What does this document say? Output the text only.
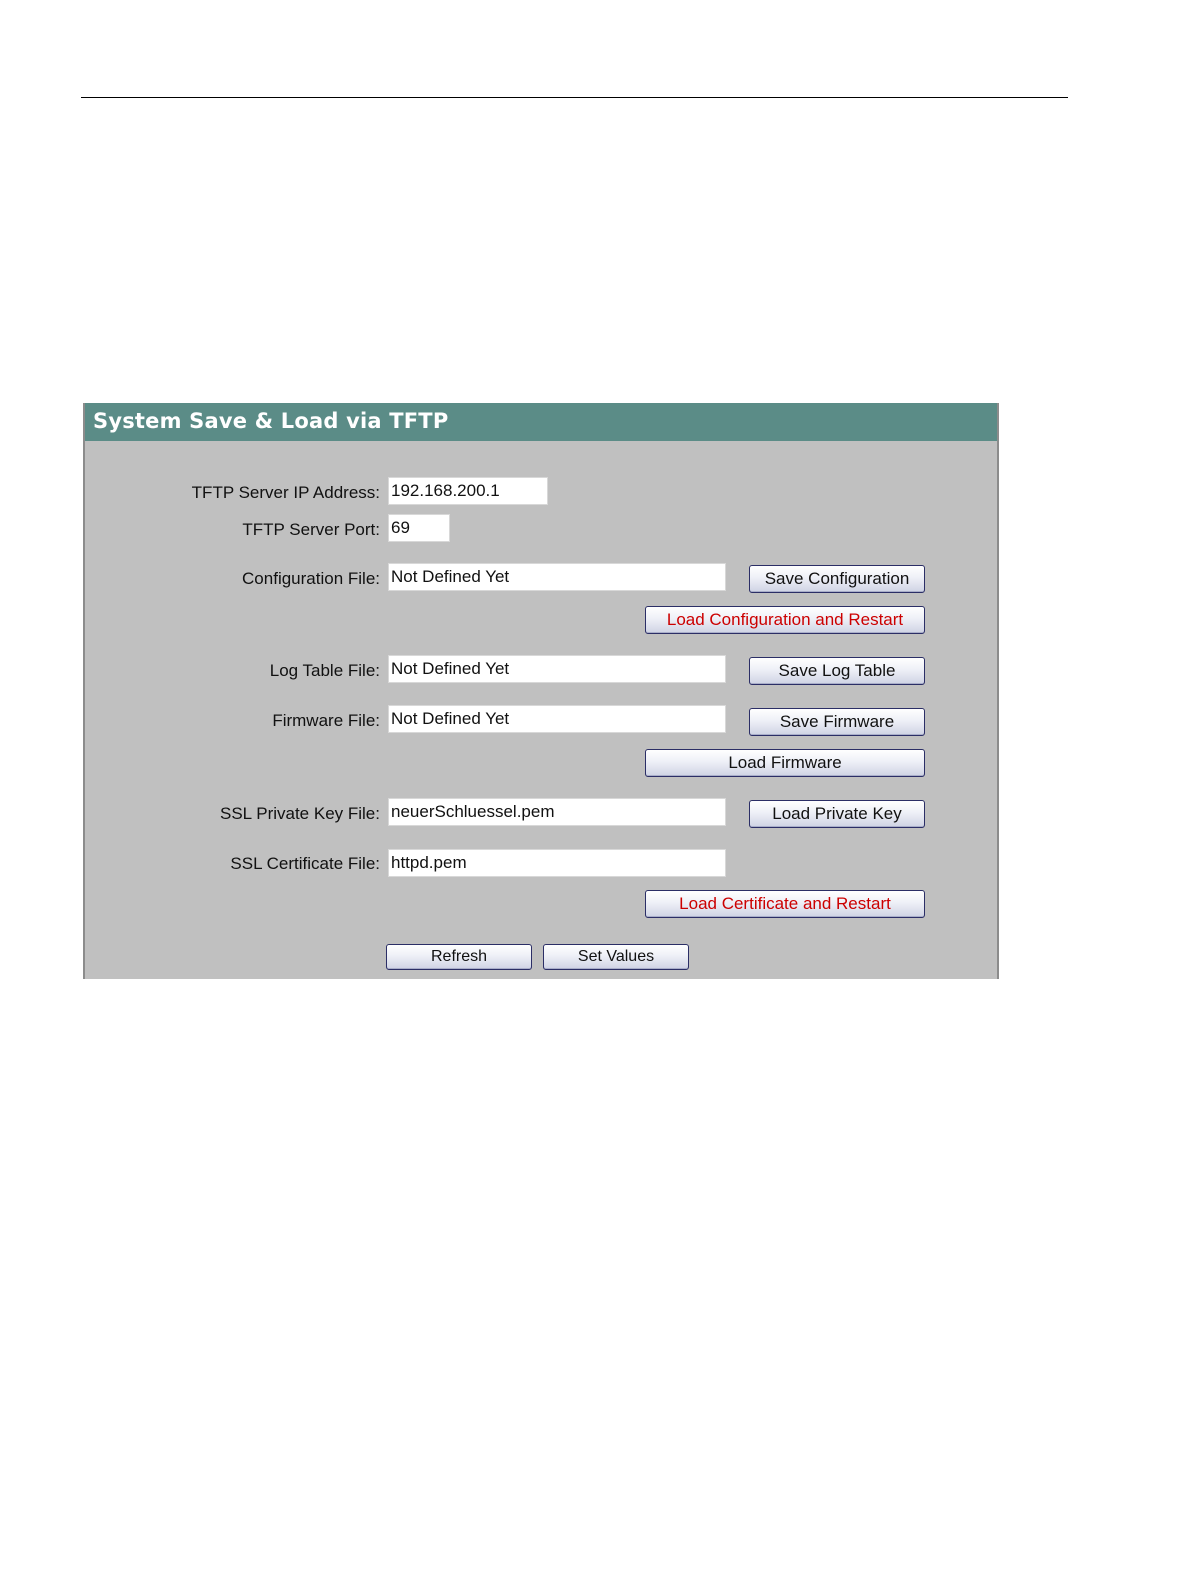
System Save & Load via TFTP
TFTP Server IP Address: 192.168.200.1
TFTP Server Port: 69
Configuration File: Not Defined Yet	Save Configuration
Load Configuration and Restart
Log Table File: Not Defined Yet	Save Log Table
Firmware File: Not Defined Yet	Save Firmware
Load Firmware
SSL Private Key File: neuerSchluessel.pem	Load Private Key
SSL Certificate File: httpd.pem
Load Certificate and Restart
Refresh	Set Values
